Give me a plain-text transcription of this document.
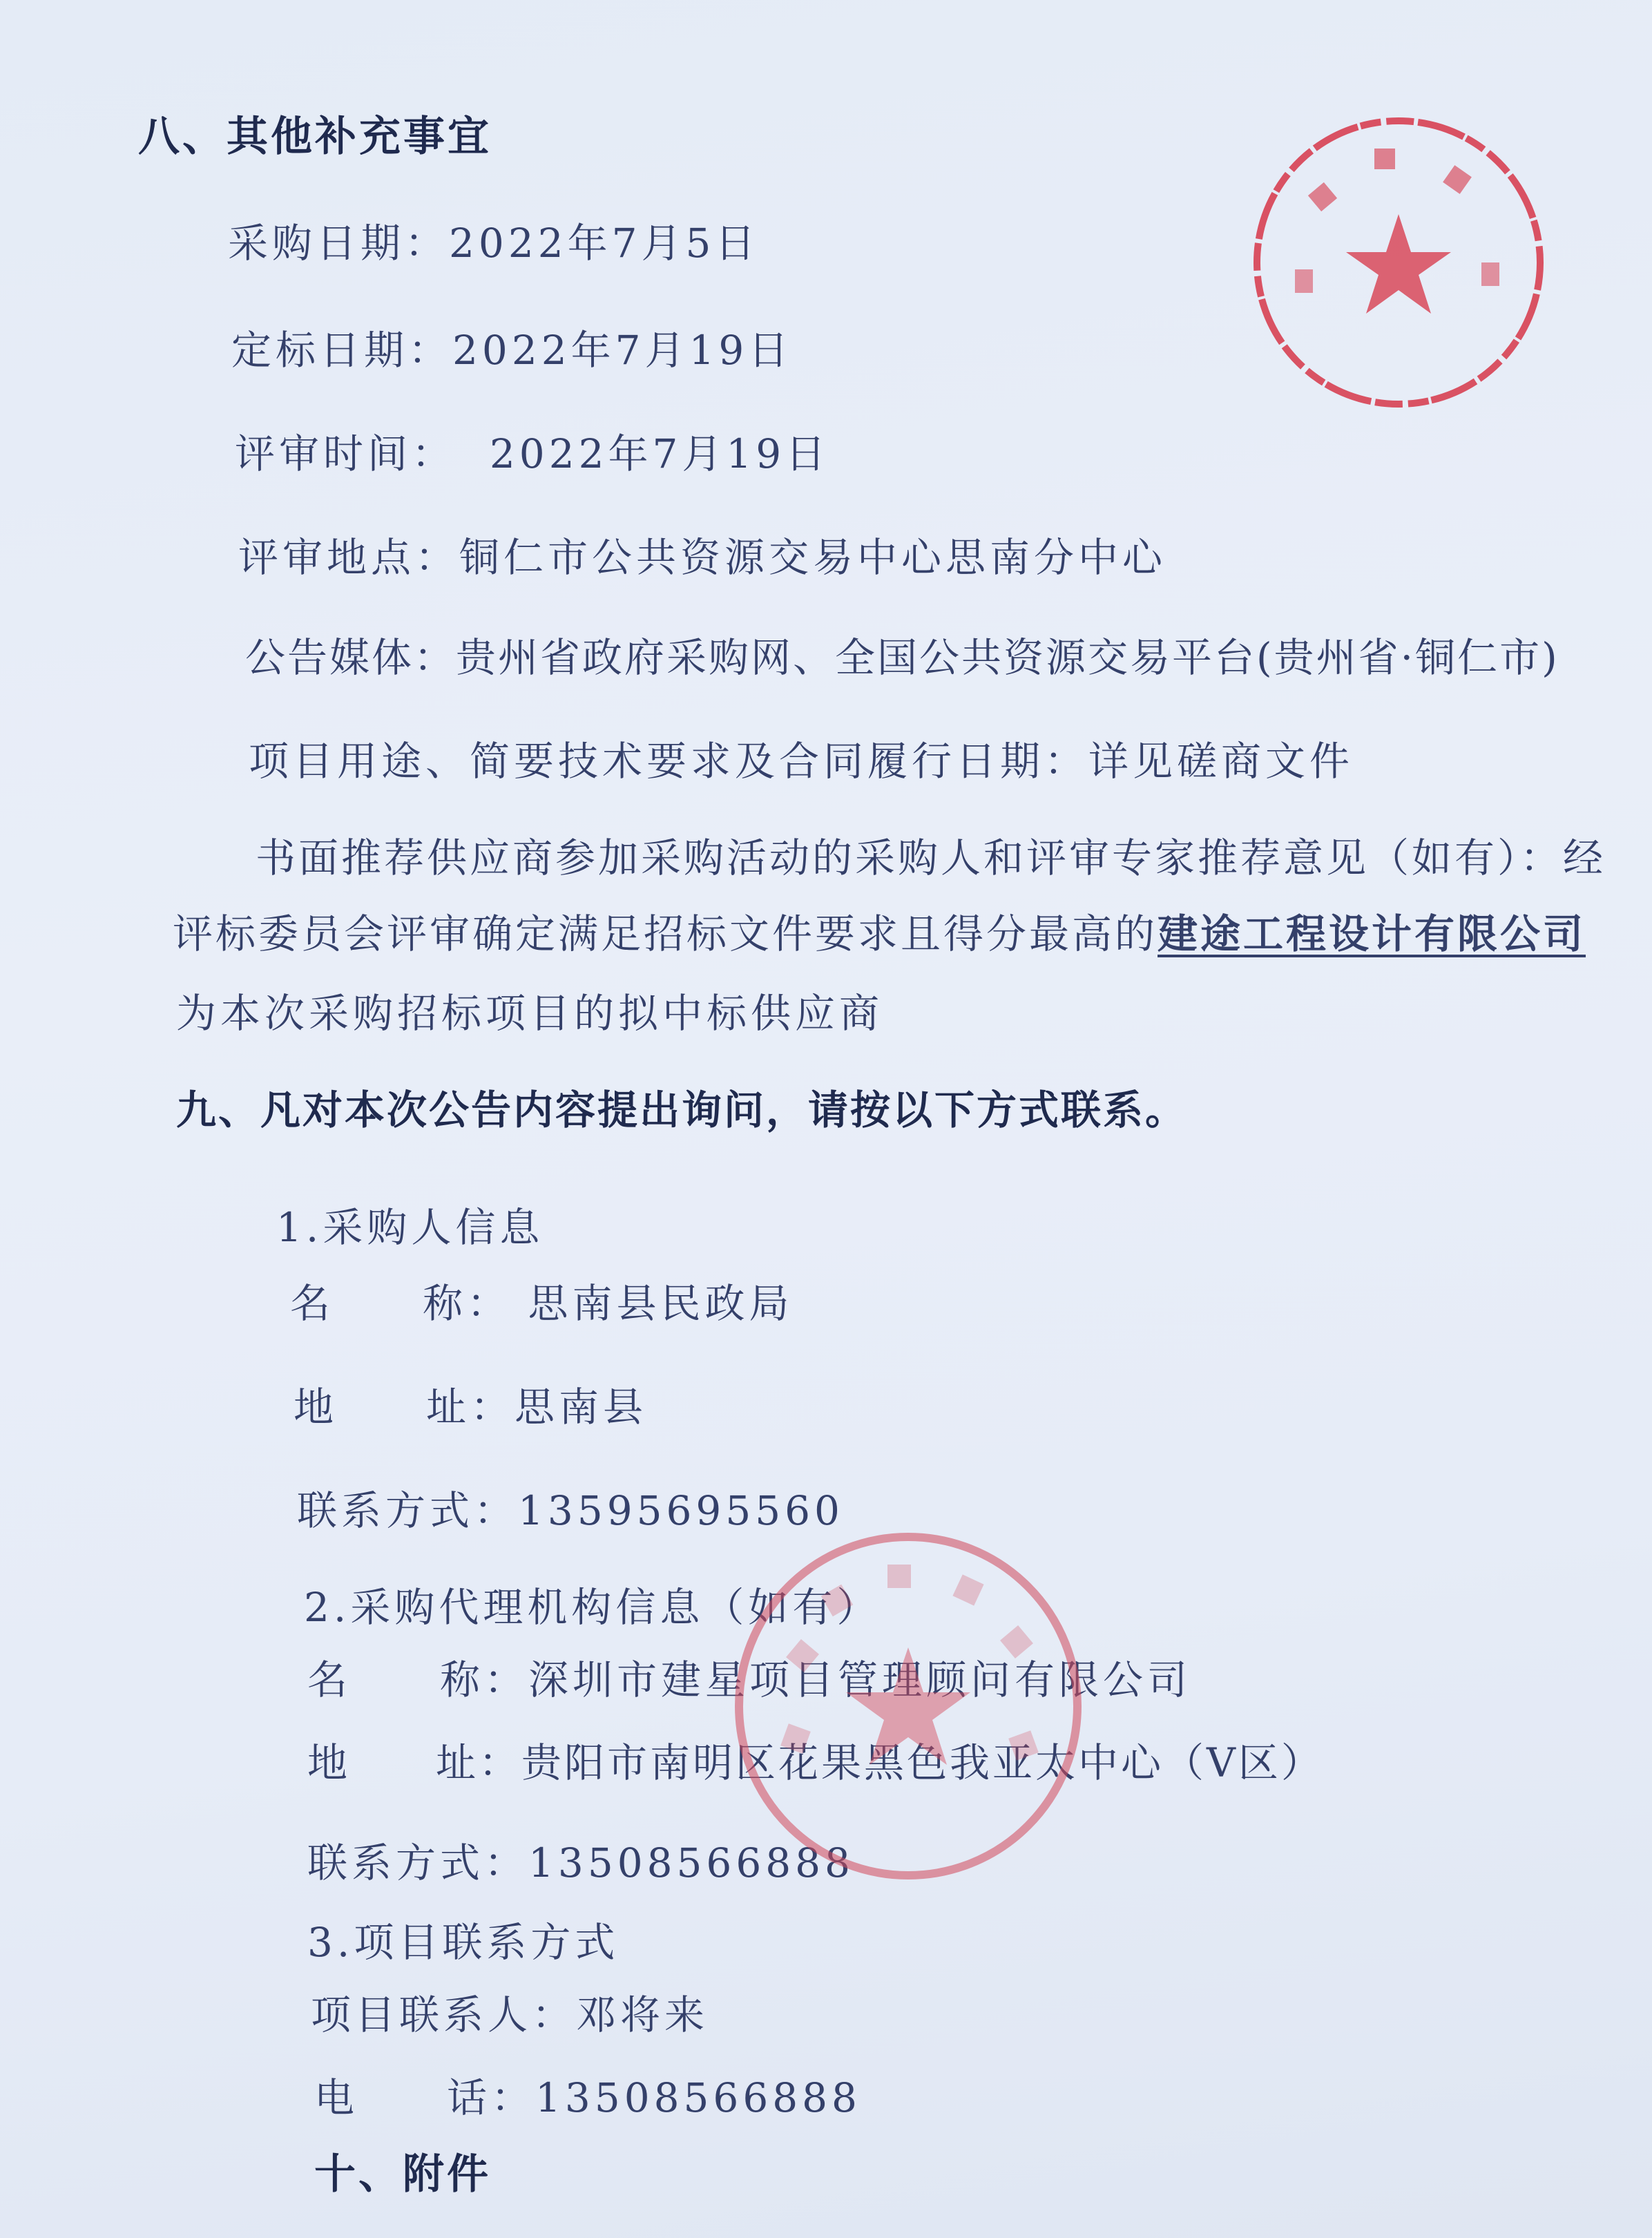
八、其他补充事宜
采购日期：2022年7月5日
定标日期：2022年7月19日
评审时间： 2022年7月19日
评审地点：铜仁市公共资源交易中心思南分中心
公告媒体：贵州省政府采购网、全国公共资源交易平台(贵州省·铜仁市)
项目用途、简要技术要求及合同履行日期：详见磋商文件
书面推荐供应商参加采购活动的采购人和评审专家推荐意见（如有）：经
评标委员会评审确定满足招标文件要求且得分最高的建途工程设计有限公司
为本次采购招标项目的拟中标供应商
九、凡对本次公告内容提出询问，请按以下方式联系。
1.采购人信息
名　　称： 思南县民政局
地　　址：思南县
联系方式：13595695560
2.采购代理机构信息（如有）
名　　称：深圳市建星项目管理顾问有限公司
地　　址：贵阳市南明区花果黑色我亚太中心（V区）
联系方式：13508566888
3.项目联系方式
项目联系人：邓将来
电　　话：13508566888
十、附件
